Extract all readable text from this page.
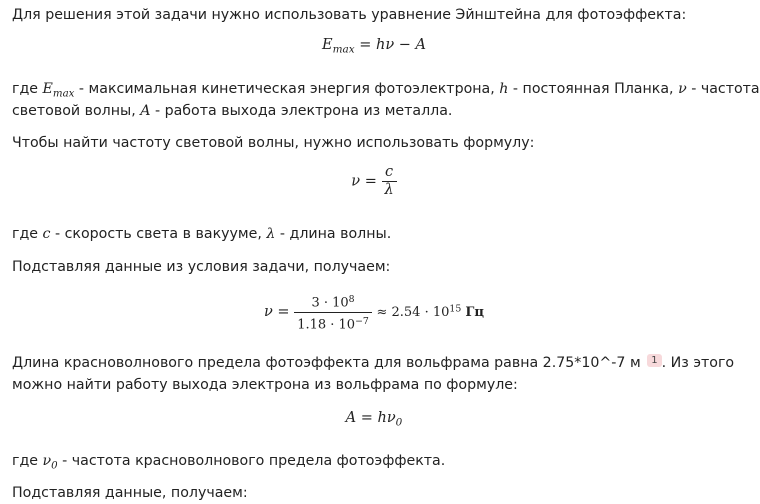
Для решения этой задачи нужно использовать уравнение Эйнштейна для фотоэффекта:
$E_{max} = h\nu - A$
где $E_{max}$ - максимальная кинетическая энергия фотоэлектрона, h - постоянная Планка, ν - частота
световой волны, A - работа выхода электрона из металла.
Чтобы найти частоту световой волны, нужно использовать формулу:
$\nu = \frac{c}{\lambda}$
где c - скорость света в вакууме, λ - длина волны.
Подставляя данные из условия задачи, получаем:
$\nu = \frac{3 \cdot 10^8}{1.18 \cdot 10^{-7}} \approx 2.54 \cdot 10^{15}$ Гц
Длина красноволнового предела фотоэффекта для вольфрама равна 2.75*10^-7 м 1 . Из этого
можно найти работу выхода электрона из вольфрама по формуле:
$A = h\nu_0$
где $\nu_0$ - частота красноволнового предела фотоэффекта.
Подставляя данные, получаем:
